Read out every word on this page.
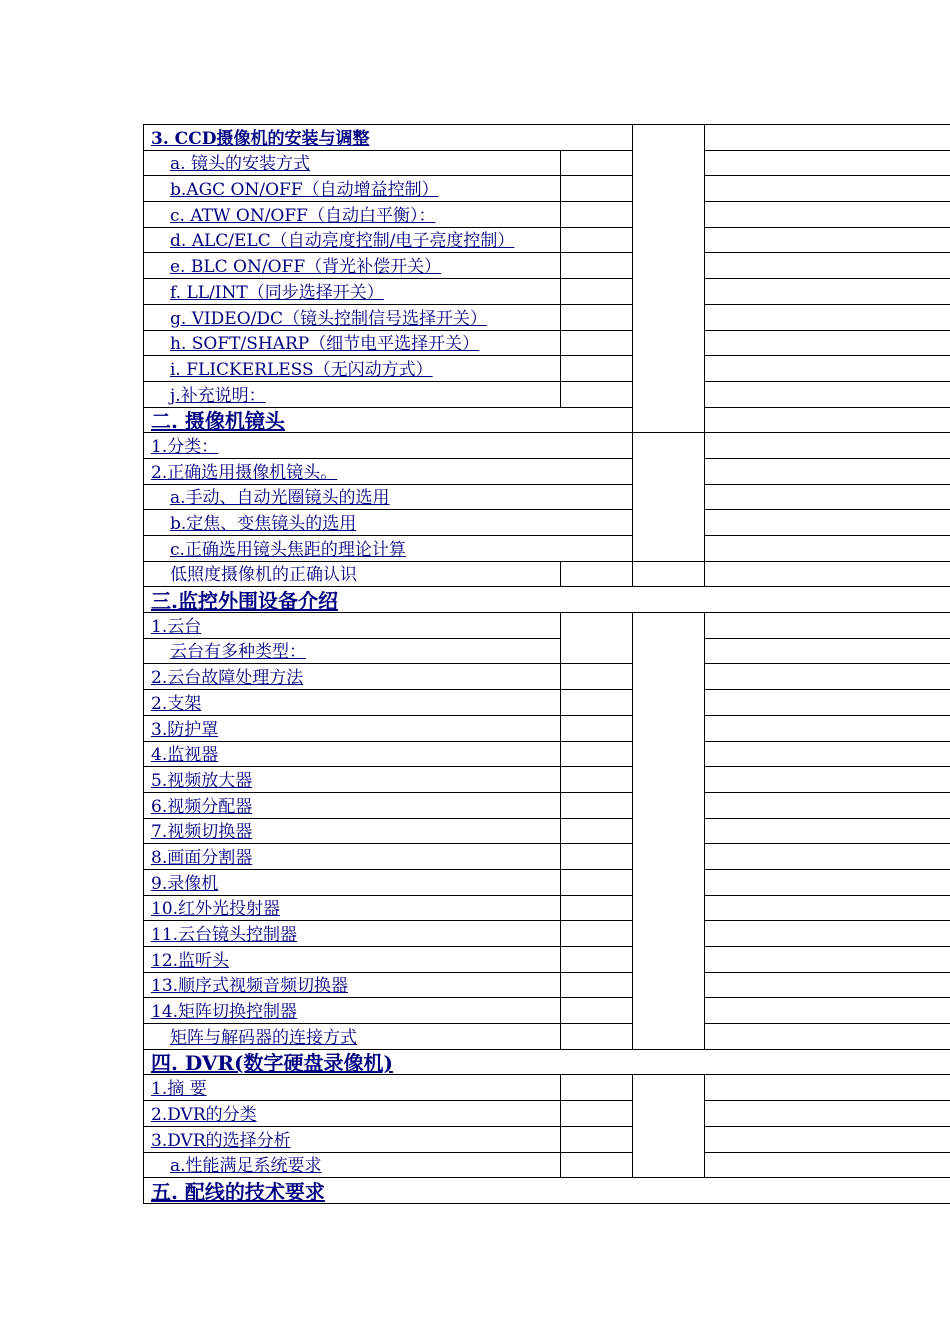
3. CCD摄像机的安装与调整			
a. 镜头的安装方式			
b.AGC ON/OFF（自动增益控制）			
c. ATW ON/OFF（自动白平衡）：			
d. ALC/ELC（自动亮度控制/电子亮度控制）			
e. BLC ON/OFF（背光补偿开关）			
f. LL/INT（同步选择开关）			
g. VIDEO/DC（镜头控制信号选择开关）			
h. SOFT/SHARP（细节电平选择开关）			
i. FLICKERLESS（无闪动方式）			
j.补充说明：			
二. 摄像机镜头			
1.分类：			
2.正确选用摄像机镜头。			
a.手动、自动光圈镜头的选用			
b.定焦、变焦镜头的选用			
c.正确选用镜头焦距的理论计算			
低照度摄像机的正确认识			
三.监控外围设备介绍			
1.云台			
云台有多种类型：			
2.云台故障处理方法			
2.支架			
3.防护罩			
4.监视器			
5.视频放大器			
6.视频分配器			
7.视频切换器			
8.画面分割器			
9.录像机			
10.红外光投射器			
11.云台镜头控制器			
12.监听头			
13.顺序式视频音频切换器			
14.矩阵切换控制器			
矩阵与解码器的连接方式			
四. DVR(数字硬盘录像机)			
1.摘 要			
2.DVR的分类			
3.DVR的选择分析			
a.性能满足系统要求			
五. 配线的技术要求			
